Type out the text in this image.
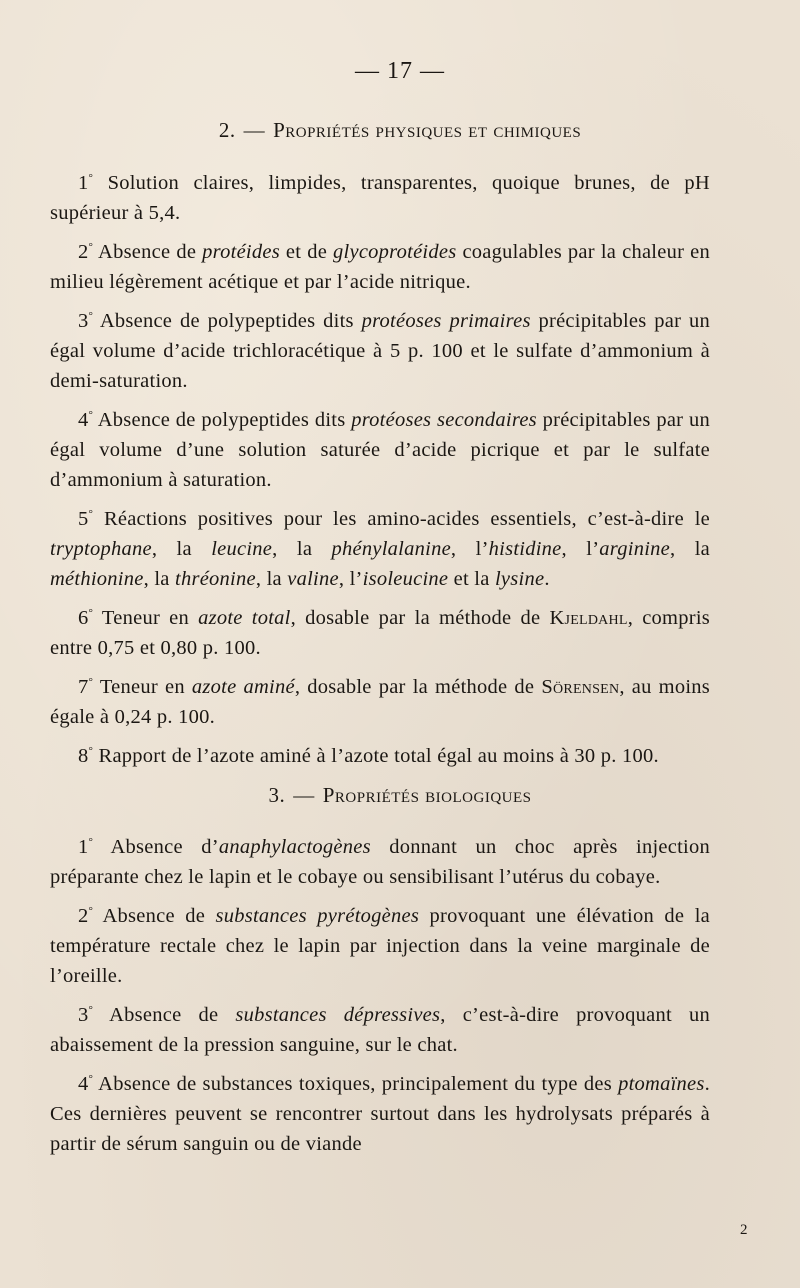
— 17 —
2. — Propriétés physiques et chimiques

1° Solution claires, limpides, transparentes, quoique brunes, de pH supérieur à 5,4.

2° Absence de protéides et de glycoprotéides coagulables par la chaleur en milieu légèrement acétique et par l’acide nitrique.

3° Absence de polypeptides dits protéoses primaires précipitables par un égal volume d’acide trichloracétique à 5 p. 100 et le sulfate d’ammonium à demi-saturation.

4° Absence de polypeptides dits protéoses secondaires précipitables par un égal volume d’une solution saturée d’acide picrique et par le sulfate d’ammonium à saturation.

5° Réactions positives pour les amino-acides essentiels, c’est-à-dire le tryptophane, la leucine, la phénylalanine, l’histidine, l’arginine, la méthionine, la thréonine, la valine, l’isoleucine et la lysine.

6° Teneur en azote total, dosable par la méthode de Kjeldahl, compris entre 0,75 et 0,80 p. 100.

7° Teneur en azote aminé, dosable par la méthode de Sörensen, au moins égale à 0,24 p. 100.

8° Rapport de l’azote aminé à l’azote total égal au moins à 30 p. 100.

3. — Propriétés biologiques

1° Absence d’anaphylactogènes donnant un choc après injection préparante chez le lapin et le cobaye ou sensibilisant l’utérus du cobaye.

2° Absence de substances pyrétogènes provoquant une élévation de la température rectale chez le lapin par injection dans la veine marginale de l’oreille.

3° Absence de substances dépressives, c’est-à-dire provoquant un abaissement de la pression sanguine, sur le chat.

4° Absence de substances toxiques, principalement du type des ptomaïnes. Ces dernières peuvent se rencontrer surtout dans les hydrolysats préparés à partir de sérum sanguin ou de viande

2
